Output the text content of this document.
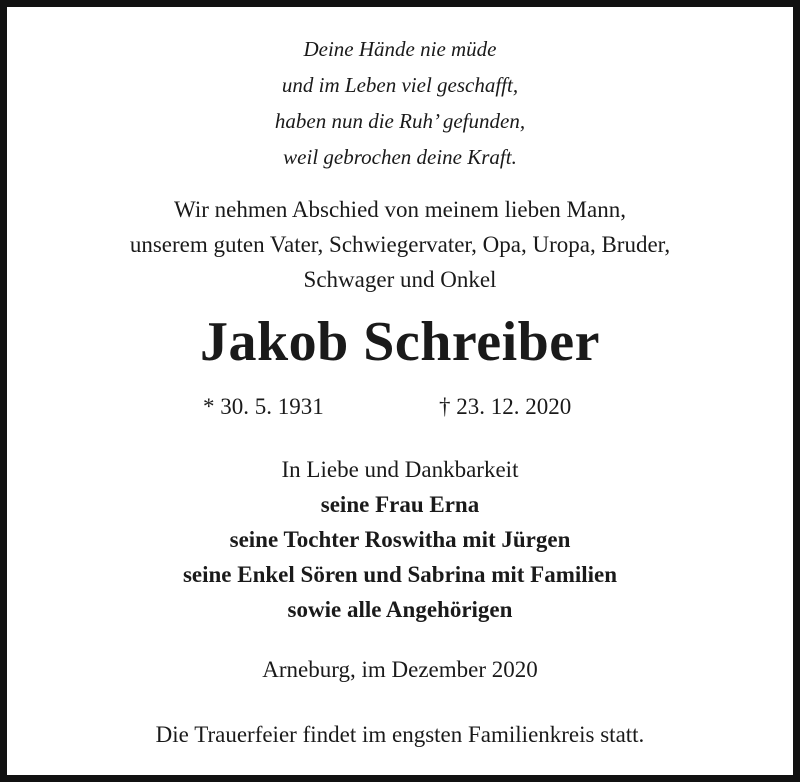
Deine Hände nie müde
und im Leben viel geschafft,
haben nun die Ruh’ gefunden,
weil gebrochen deine Kraft.
Wir nehmen Abschied von meinem lieben Mann,
unserem guten Vater, Schwiegervater, Opa, Uropa, Bruder,
Schwager und Onkel
Jakob Schreiber
* 30. 5. 1931	† 23. 12. 2020
In Liebe und Dankbarkeit
seine Frau Erna
seine Tochter Roswitha mit Jürgen
seine Enkel Sören und Sabrina mit Familien
sowie alle Angehörigen
Arneburg, im Dezember 2020
Die Trauerfeier findet im engsten Familienkreis statt.
